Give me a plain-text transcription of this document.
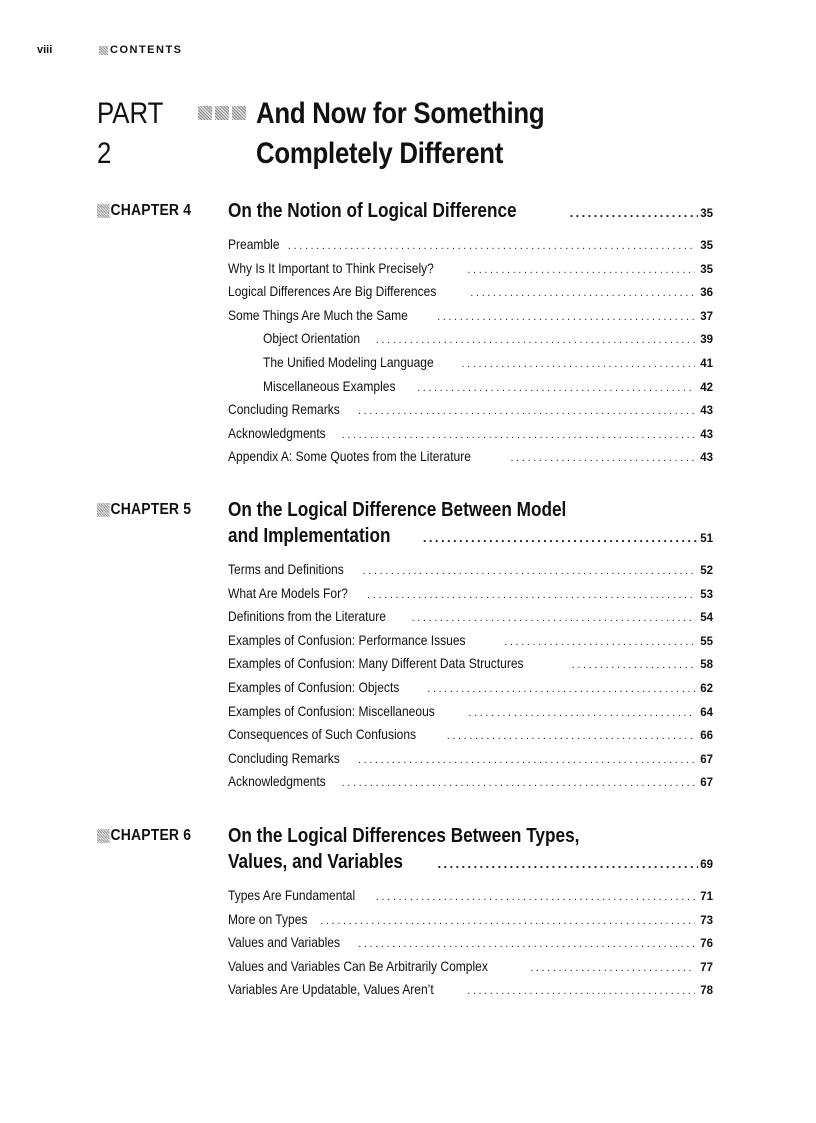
viii	CONTENTS
PART 2
And Now for Something
Completely Different
CHAPTER 4 On the Notion of Logical Difference .....	35
Preamble .....	35
Why Is It Important to Think Precisely? .....	35
Logical Differences Are Big Differences .....	36
Some Things Are Much the Same .....	37
Object Orientation .....	39
The Unified Modeling Language .....	41
Miscellaneous Examples .....	42
Concluding Remarks .....	43
Acknowledgments .....	43
Appendix A: Some Quotes from the Literature .....	43
CHAPTER 5 On the Logical Difference Between Model
and Implementation .....	51
Terms and Definitions .....	52
What Are Models For? .....	53
Definitions from the Literature .....	54
Examples of Confusion: Performance Issues .....	55
Examples of Confusion: Many Different Data Structures .....	58
Examples of Confusion: Objects .....	62
Examples of Confusion: Miscellaneous .....	64
Consequences of Such Confusions .....	66
Concluding Remarks .....	67
Acknowledgments .....	67
CHAPTER 6 On the Logical Differences Between Types,
Values, and Variables .....	69
Types Are Fundamental .....	71
More on Types .....	73
Values and Variables .....	76
Values and Variables Can Be Arbitrarily Complex .....	77
Variables Are Updatable, Values Aren’t .....	78
